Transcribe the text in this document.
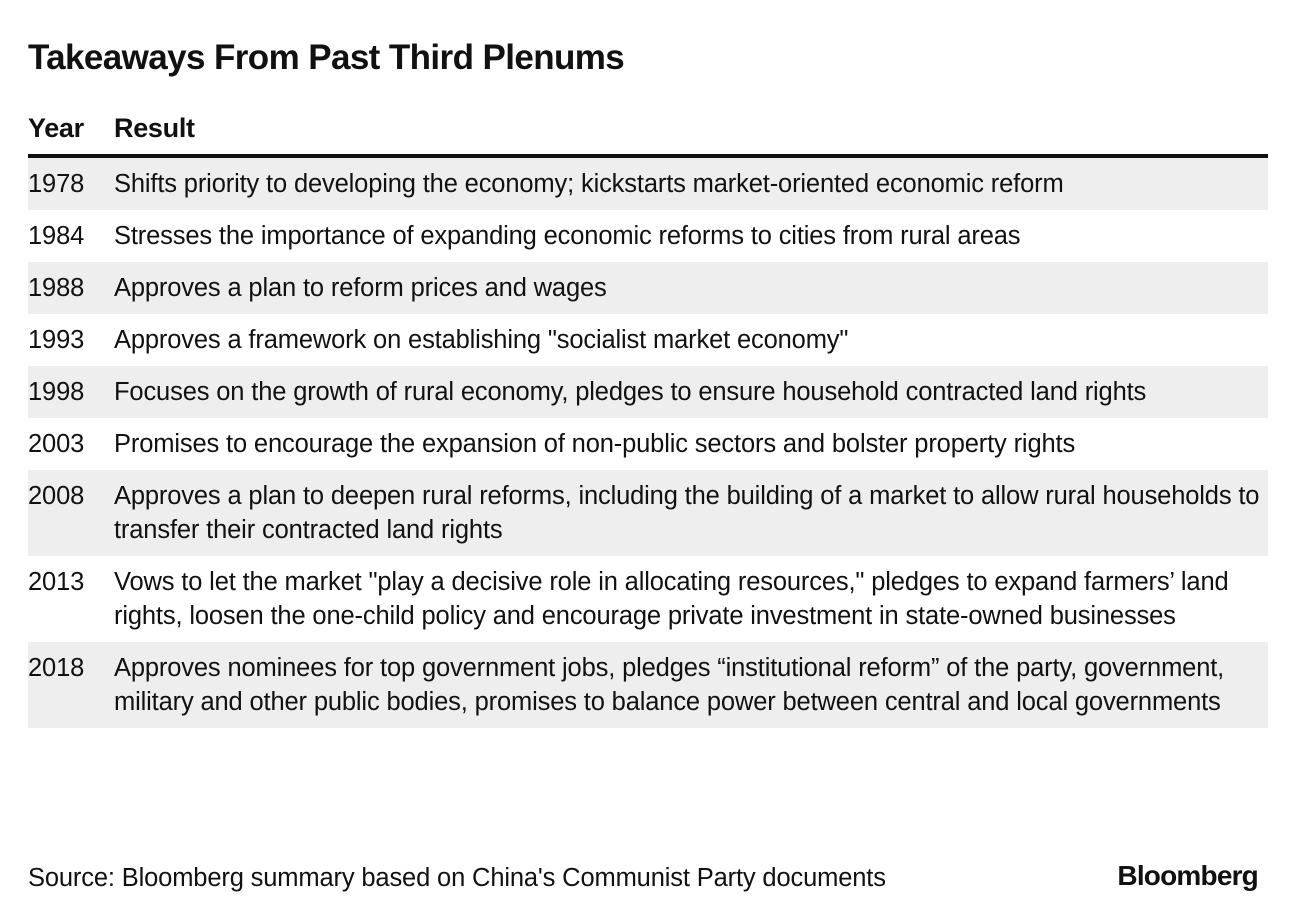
Takeaways From Past Third Plenums
Year	Result
1978	Shifts priority to developing the economy; kickstarts market-oriented economic reform
1984	Stresses the importance of expanding economic reforms to cities from rural areas
1988	Approves a plan to reform prices and wages
1993	Approves a framework on establishing "socialist market economy"
1998	Focuses on the growth of rural economy, pledges to ensure household contracted land rights
2003	Promises to encourage the expansion of non-public sectors and bolster property rights
2008	Approves a plan to deepen rural reforms, including the building of a market to allow rural households to transfer their contracted land rights
2013	Vows to let the market "play a decisive role in allocating resources," pledges to expand farmers’ land rights, loosen the one-child policy and encourage private investment in state-owned businesses
2018	Approves nominees for top government jobs, pledges “institutional reform” of the party, government, military and other public bodies, promises to balance power between central and local governments
Source: Bloomberg summary based on China's Communist Party documents	Bloomberg
